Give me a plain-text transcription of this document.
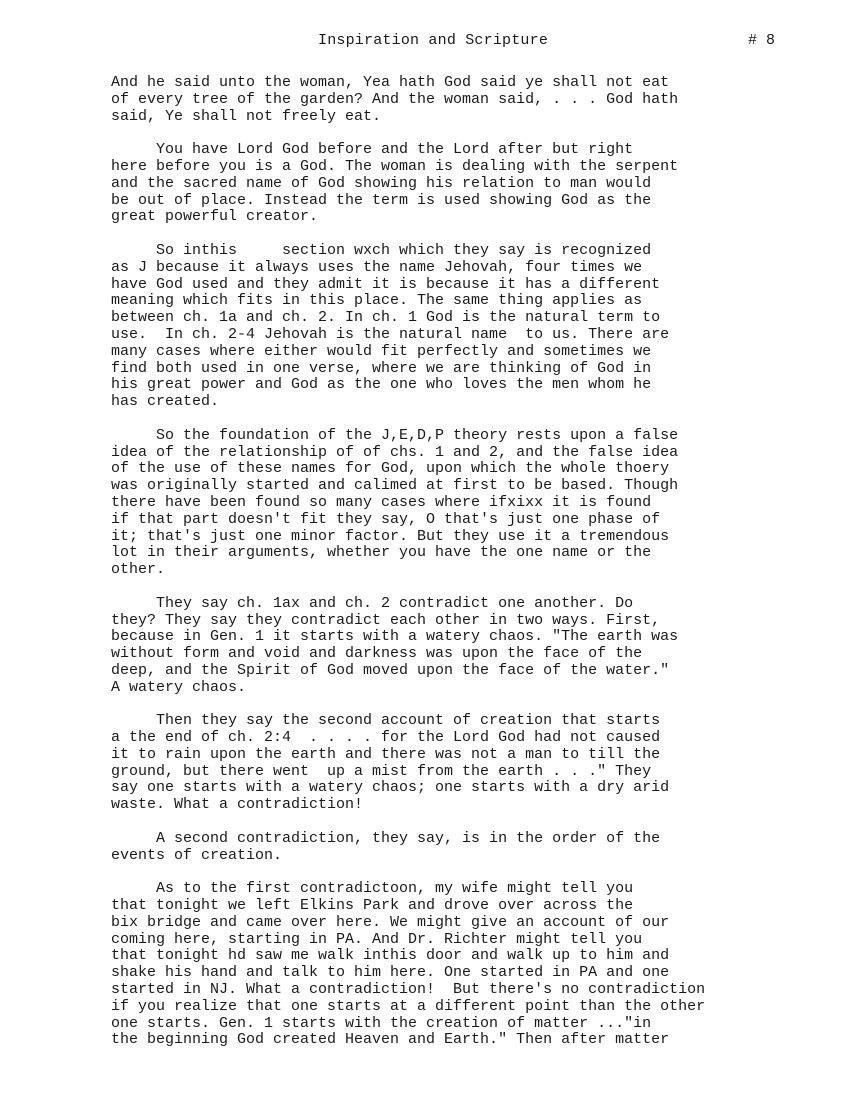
Inspiration and Scripture	# 8
And he said unto the woman, Yea hath God said ye shall not eat
of every tree of the garden? And the woman said, . . . God hath
said, Ye shall not freely eat.
You have Lord God before and the Lord after but right
here before you is a God. The woman is dealing with the serpent
and the sacred name of God showing his relation to man would
be out of place. Instead the term is used showing God as the
great powerful creator.
So inthis     section wxch which they say is recognized
as J because it always uses the name Jehovah, four times we
have God used and they admit it is because it has a different
meaning which fits in this place. The same thing applies as
between ch. 1a and ch. 2. In ch. 1 God is the natural term to
use.  In ch. 2-4 Jehovah is the natural name  to us. There are
many cases where either would fit perfectly and sometimes we
find both used in one verse, where we are thinking of God in
his great power and God as the one who loves the men whom he
has created.
So the foundation of the J,E,D,P theory rests upon a false
idea of the relationship of of chs. 1 and 2, and the false idea
of the use of these names for God, upon which the whole thoery
was originally started and calimed at first to be based. Though
there have been found so many cases where ifxixx it is found
if that part doesn't fit they say, O that's just one phase of
it; that's just one minor factor. But they use it a tremendous
lot in their arguments, whether you have the one name or the
other.
They say ch. 1ax and ch. 2 contradict one another. Do
they? They say they contradict each other in two ways. First,
because in Gen. 1 it starts with a watery chaos. "The earth was
without form and void and darkness was upon the face of the
deep, and the Spirit of God moved upon the face of the water."
A watery chaos.
Then they say the second account of creation that starts
a the end of ch. 2:4  . . . . for the Lord God had not caused
it to rain upon the earth and there was not a man to till the
ground, but there went  up a mist from the earth . . ." They
say one starts with a watery chaos; one starts with a dry arid
waste. What a contradiction!
A second contradiction, they say, is in the order of the
events of creation.
As to the first contradictoon, my wife might tell you
that tonight we left Elkins Park and drove over across the
bix bridge and came over here. We might give an account of our
coming here, starting in PA. And Dr. Richter might tell you
that tonight hd saw me walk inthis door and walk up to him and
shake his hand and talk to him here. One started in PA and one
started in NJ. What a contradiction!  But there's no contradiction
if you realize that one starts at a different point than the other
one starts. Gen. 1 starts with the creation of matter ..."in
the beginning God created Heaven and Earth." Then after matter
